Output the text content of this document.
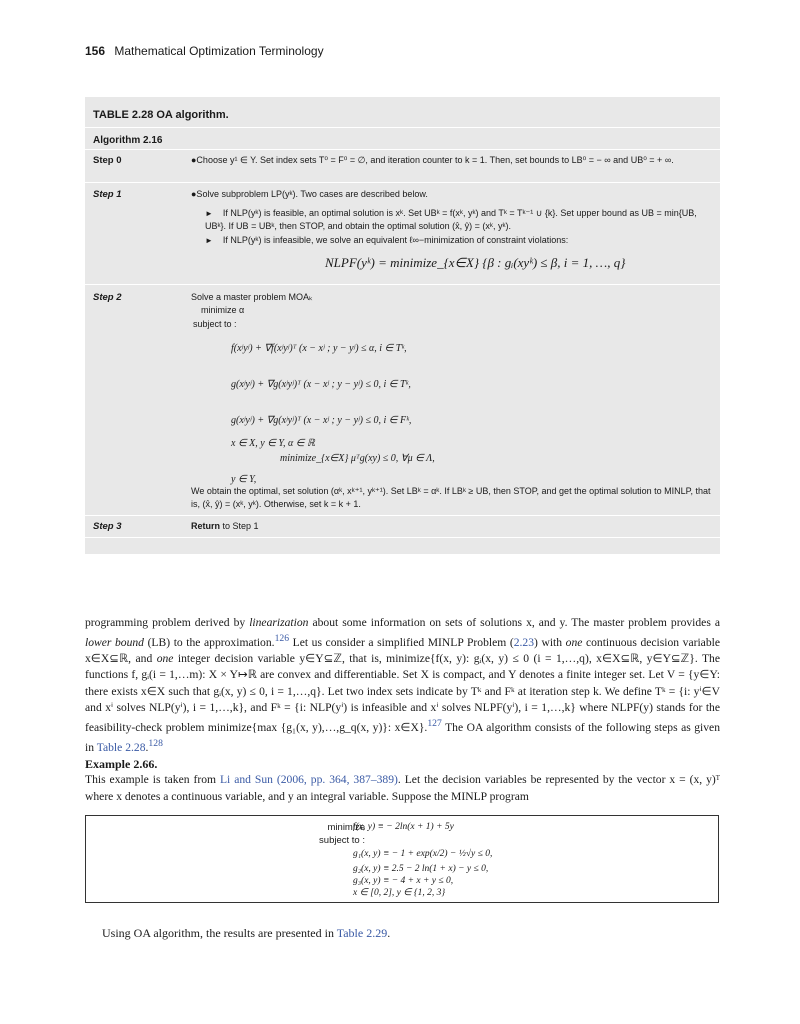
156 Mathematical Optimization Terminology
TABLE 2.28 OA algorithm.
Algorithm 2.16
Step 0	●Choose y¹ ∈ Y. Set index sets T⁰ = F⁰ = ∅, and iteration counter to k = 1. Then, set bounds to LB⁰ = − ∞ and UB⁰ = + ∞.
Step 1	●Solve subproblem LP(yᵏ). Two cases are described below.
► If NLP(yᵏ) is feasible, an optimal solution is xᵏ. Set UBᵏ = f(xᵏ, yᵏ) and Tᵏ = Tᵏ⁻¹ ∪ {k}. Set upper bound as UB = min{UB, UBᵏ}. If UB = UBᵏ, then STOP, and obtain the optimal solution (x̂, ŷ) = (xᵏ, yᵏ).
► If NLP(yᵏ) is infeasible, we solve an equivalent ℓ∞−minimization of constraint violations:
NLPF(yᵏ) = minimize_{x∈X} {β : gᵢ(xyᵏ) ≤ β, i = 1, …, q}
Step 2	Solve a master problem MOAₖ
minimize α
subject to :
f(xʲyʲ) + ∇f(xʲyʲ)ᵀ (x − xʲ ; y − yʲ) ≤ α, i ∈ Tᵏ,
g(xʲyʲ) + ∇g(xʲyʲ)ᵀ (x − xʲ ; y − yʲ) ≤ 0, i ∈ Tᵏ,
g(xʲyʲ) + ∇g(xʲyʲ)ᵀ (x − xʲ ; y − yʲ) ≤ 0, i ∈ Fᵏ,
x ∈ X, y ∈ Y, α ∈ ℝ
minimize_{x∈X} μᵀg(xy) ≤ 0, ∀μ ∈ Λ,
y ∈ Y,
We obtain the optimal, set solution (αᵏ, xᵏ⁺¹, yᵏ⁺¹). Set LBᵏ = αᵏ. If LBᵏ ≥ UB, then STOP, and get the optimal solution to MINLP, that is, (x̂, ŷ) = (xᵏ, yᵏ). Otherwise, set k = k + 1.
Step 3	Return to Step 1

programming problem derived by linearization about some information on sets of solutions x, and y. The master problem provides a lower bound (LB) to the approximation.$^{126}$ Let us consider a simplified MINLP Problem (2.23) with one continuous decision variable x∈X⊆ℝ, and one integer decision variable y∈Y⊆ℤ, that is, minimize{f(x, y): gᵢ(x, y) ≤ 0 (i = 1,…,q), x∈X⊆ℝ, y∈Y⊆ℤ}. The functions f, gᵢ(i = 1,…m): X × Y↦ℝ are convex and differentiable. Set X is compact, and Y denotes a finite integer set. Let V = {y∈Y: there exists x∈X such that gᵢ(x, y) ≤ 0, i = 1,…,q}. Let two index sets indicate by Tᵏ and Fᵏ at iteration step k. We define Tᵏ = {i: yⁱ∈V and xⁱ solves NLP(yⁱ), i = 1,…,k}, and Fᵏ = {i: NLP(yⁱ) is infeasible and xⁱ solves NLPF(yⁱ), i = 1,…,k} where NLPF(y) stands for the feasibility-check problem minimize{max {g₁(x, y),…,g_q(x, y)}: x∈X}.$^{127}$ The OA algorithm consists of the following steps as given in Table 2.28.$^{128}$

Example 2.66.

This example is taken from Li and Sun (2006, pp. 364, 387–389). Let the decision variables be represented by the vector x = (x, y)ᵀ where x denotes a continuous variable, and y an integral variable. Suppose the MINLP program

minimize
subject to :
f(x, y) ≡ − 2ln(x + 1) + 5y
g₁(x, y) ≡ − 1 + exp(x/2) − ½√y ≤ 0,
g₂(x, y) ≡ 2.5 − 2 ln(1 + x) − y ≤ 0,
g₃(x, y) ≡ − 4 + x + y ≤ 0,
x ∈ [0, 2], y ∈ {1, 2, 3}
Using OA algorithm, the results are presented in Table 2.29.
